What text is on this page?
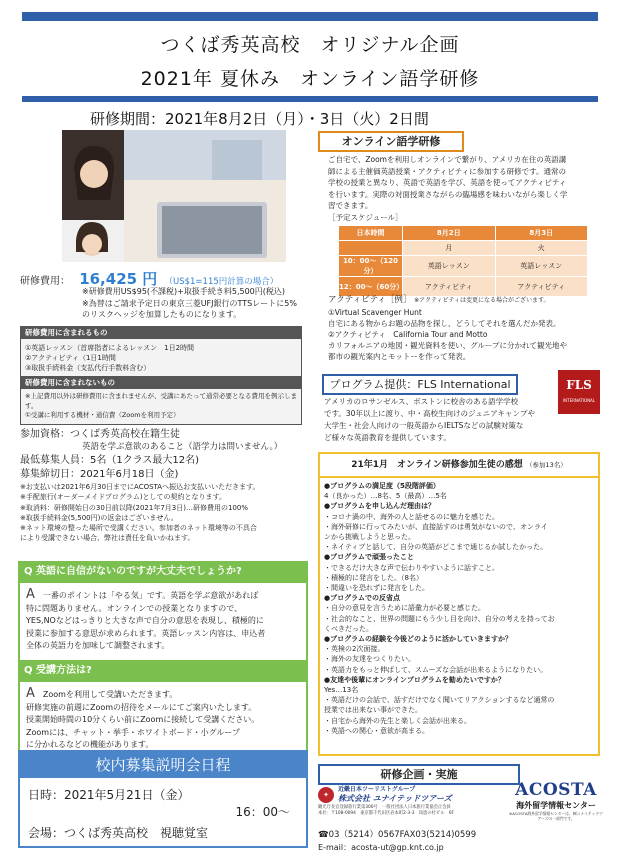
つくば秀英高校　オリジナル企画
2021年 夏休み　オンライン語学研修
研修期間：2021年8月2日（月）・3日（火）2日間
研修費用： 16,425 円 （US$1=115円計算の場合）
※研修費用US$95(不課税)+取扱手続き料5,500円(税込)
※為替はご請求予定日の東京三菱UFJ銀行のTTSレートに5%
のリスクヘッジを加算したものになります。
研修費用に含まれるもの
①英語レッスン（首席指者によるレッスン　1日2時間
②アクティビティ（1日1時間
③取扱手続料金（支払代行手数料含む）
研修費用に含まれないもの
※上記費用以外は研修費用に含まれませんが、受講にあたって通常必要となる費用を例示します。
①受講に利用する機材・通信費（Zoomを利用予定）
参加資格：つくば秀英高校在籍生徒
英語を学ぶ意欲のあること（語学力は問いません。）
最低募集人員：5名（1クラス最大12名)
募集締切日：2021年6月18日（金)
※お支払いは2021年6月30日までにACOSTAへ振込お支払いいただきます。
※手配旅行(オーダーメイドプログラム)としての契約となります。
※取消料：研修開始日の30日前以降(2021年7月3日)…研修費用の100%
※取扱手続料金(5,500円)の返金はございません。
※ネット環境の整った場所で受講ください。参加者のネット環境等の不具合
により受講できない場合、弊社は責任を負いかねます。
Q 英語に自信がないのですが大丈夫でしょうか?
A 一番のポイントは「やる気」です。英語を学ぶ意欲があれば
特に問題ありません。オンラインでの授業となりますので、
YES,NOなどはっきりと大きな声で自分の意思を表現し、積極的に
授業に参加する意思が求められます。英語レッスン内容は、申込者
全体の英語力を加味して調整されます。
Q 受講方法は?
A Zoomを利用して受講いただきます。
研修実施の前週にZoomの招待をメールにてご案内いたします。
授業開始時間の10分くらい前にZoomに接続して受講ください。
Zoomには、チャット・挙手・ホワイトボード・小グループ
に分かれるなどの機能があります。
校内募集説明会日程
日時：2021年5月21日（金）
16：00～
会場：つくば秀英高校　視聴覚室
オンライン語学研修
ご自宅で、Zoomを利用しオンラインで繋がり、アメリカ在住の英語講
師による主催価英語授業・アクティビティに参加する研修です。通常の
学校の授業と異なり、英語で英語を学び、英語を使ってアクティビティ
を行います。実際の対面授業さながらの臨場感を味わいながら楽しく学
習できます。
［予定スケジュール］
日本時間	8月2日	8月3日
	月	火
10：00～（120分）	英語レッスン	英語レッスン
12：00～（60分）	アクティビティ	アクティビティ
アクティビティ［例］ ※アクティビティは変更になる場合がございます。
①Virtual Scavenger Hunt
自宅にある物からお題の品物を探し、どうしてそれを選んだか発表。
②アクティビティ　California Tour and Motto
カリフォルニアの地図・観光資料を使い、グループに分かれて観光地や
都市の観光案内とモットーを作って発表。
プログラム提供：FLS International	FLS
INTERNATIONAL
アメリカのロサンゼルス、ボストンに校舎のある語学学校
です。30年以上に渡り、中・高校生向けのジュニアキャンプや
大学生・社会人向けの一般英語からIELTSなどの試験対策な
ど様々な英語教育を提供しています。
21年1月　オンライン研修参加生徒の感想 （参加13名）
●プログラムの満足度（5段階評価）
4（良かった）…8名、5（最高）…5名
●プログラムを申し込んだ理由は？
・コロナ渦の中、海外の人と話せるのに魅力を感じた。
・海外研修に行ってみたいが、直接話すのは勇気がないので、オンライ
ンから挑戦しようと思った。
・ネイティブと話して、自分の英語がどこまで通じるか試したかった。
●プログラムで頑張ったこと
・できるだけ大きな声で伝わりやすいように話すこと。
・積極的に発言をした。（8名）
・間違いを恐れずに発言をした。
●プログラムでの反省点
・自分の意見を言うために語彙力が必要と感じた。
・社会的なこと、世界の問題にもう少し目を向け、自分の考えを持ってお
くべきだった。
●プログラムの経験を今後どのように活かしていきますか？
・英検の2次面接。
・海外の友達をつくりたい。
・英語力をもっと伸ばして、スムーズな会話が出来るようになりたい。
●友達や後輩にオンラインプログラムを勧めたいですか？
Yes…13名
・英語だけの会話で、話すだけでなく聞いてリアクションするなど通常の
授業では出来ない事ができた。
・自宅から海外の先生と楽しく会話が出来る。
・英語への関心・意欲が高まる。
研修企画・実施
✦
近畿日本ツーリストグループ
株式会社 ユナイテッドツアーズ
観光庁長官登録旅行業第300号　一般社団法人日本旅行業協会正会員
本社：〒108-0094　東京都千代田区岩本町2-3-3　知恵の杜ビル　6F
ACOSTA
海外留学情報センター
※ACOSTA海外留学情報センターは、㈱ユナイテッドツアーズの一部門です。
☎03（5214）0567FAX03(5214)0599
E-mail：acosta-ut@gp.knt.co.jp
